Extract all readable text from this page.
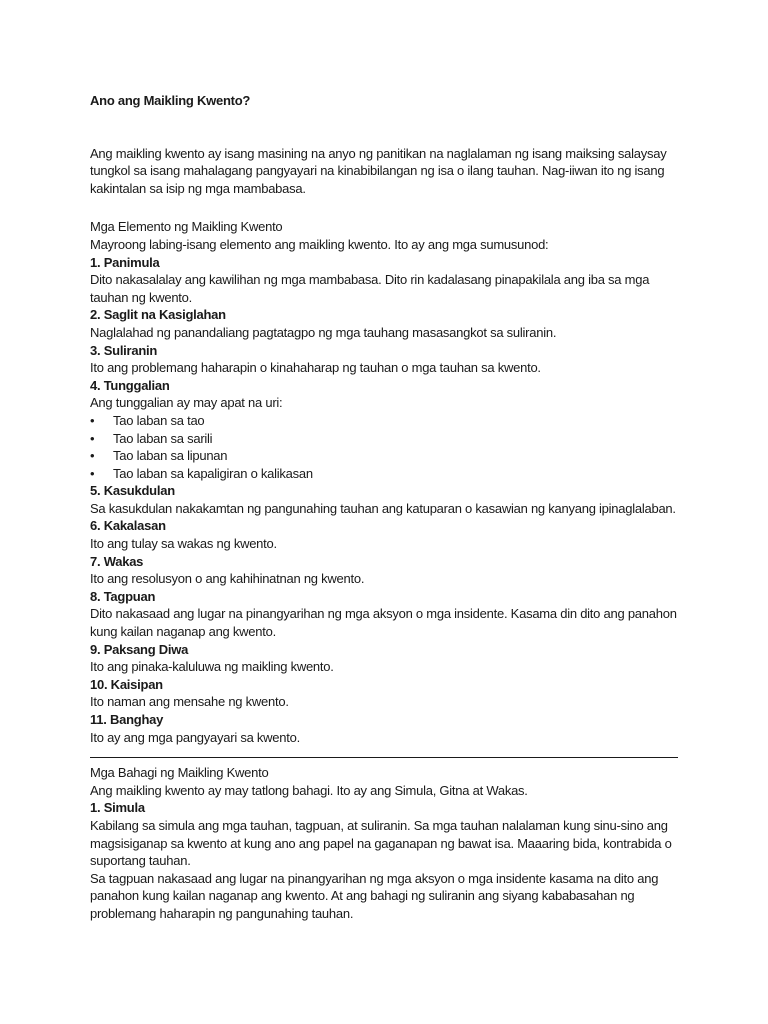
Ano ang Maikling Kwento?

Ang maikling kwento ay isang masining na anyo ng panitikan na naglalaman ng isang maiksing salaysay tungkol sa isang mahalagang pangyayari na kinabibilangan ng isa o ilang tauhan. Nag-iiwan ito ng isang kakintalan sa isip ng mga mambabasa.

Mga Elemento ng Maikling Kwento

Mayroong labing-isang elemento ang maikling kwento. Ito ay ang mga sumusunod:

1. Panimula

Dito nakasalalay ang kawilihan ng mga mambabasa. Dito rin kadalasang pinapakilala ang iba sa mga tauhan ng kwento.

2. Saglit na Kasiglahan

Naglalahad ng panandaliang pagtatagpo ng mga tauhang masasangkot sa suliranin.

3. Suliranin

Ito ang problemang haharapin o kinahaharap ng tauhan o mga tauhan sa kwento.

4. Tunggalian

Ang tunggalian ay may apat na uri:

• Tao laban sa tao
• Tao laban sa sarili
• Tao laban sa lipunan
• Tao laban sa kapaligiran o kalikasan

5. Kasukdulan

Sa kasukdulan nakakamtan ng pangunahing tauhan ang katuparan o kasawian ng kanyang ipinaglalaban.

6. Kakalasan

Ito ang tulay sa wakas ng kwento.

7. Wakas

Ito ang resolusyon o ang kahihinatnan ng kwento.

8. Tagpuan

Dito nakasaad ang lugar na pinangyarihan ng mga aksyon o mga insidente. Kasama din dito ang panahon kung kailan naganap ang kwento.

9. Paksang Diwa

Ito ang pinaka-kaluluwa ng maikling kwento.

10. Kaisipan

Ito naman ang mensahe ng kwento.

11. Banghay

Ito ay ang mga pangyayari sa kwento.

Mga Bahagi ng Maikling Kwento

Ang maikling kwento ay may tatlong bahagi. Ito ay ang Simula, Gitna at Wakas.

1. Simula

Kabilang sa simula ang mga tauhan, tagpuan, at suliranin. Sa mga tauhan nalalaman kung sinu-sino ang magsisiganap sa kwento at kung ano ang papel na gaganapan ng bawat isa. Maaaring bida, kontrabida o suportang tauhan.

Sa tagpuan nakasaad ang lugar na pinangyarihan ng mga aksyon o mga insidente kasama na dito ang panahon kung kailan naganap ang kwento. At ang bahagi ng suliranin ang siyang kababasahan ng problemang haharapin ng pangunahing tauhan.
